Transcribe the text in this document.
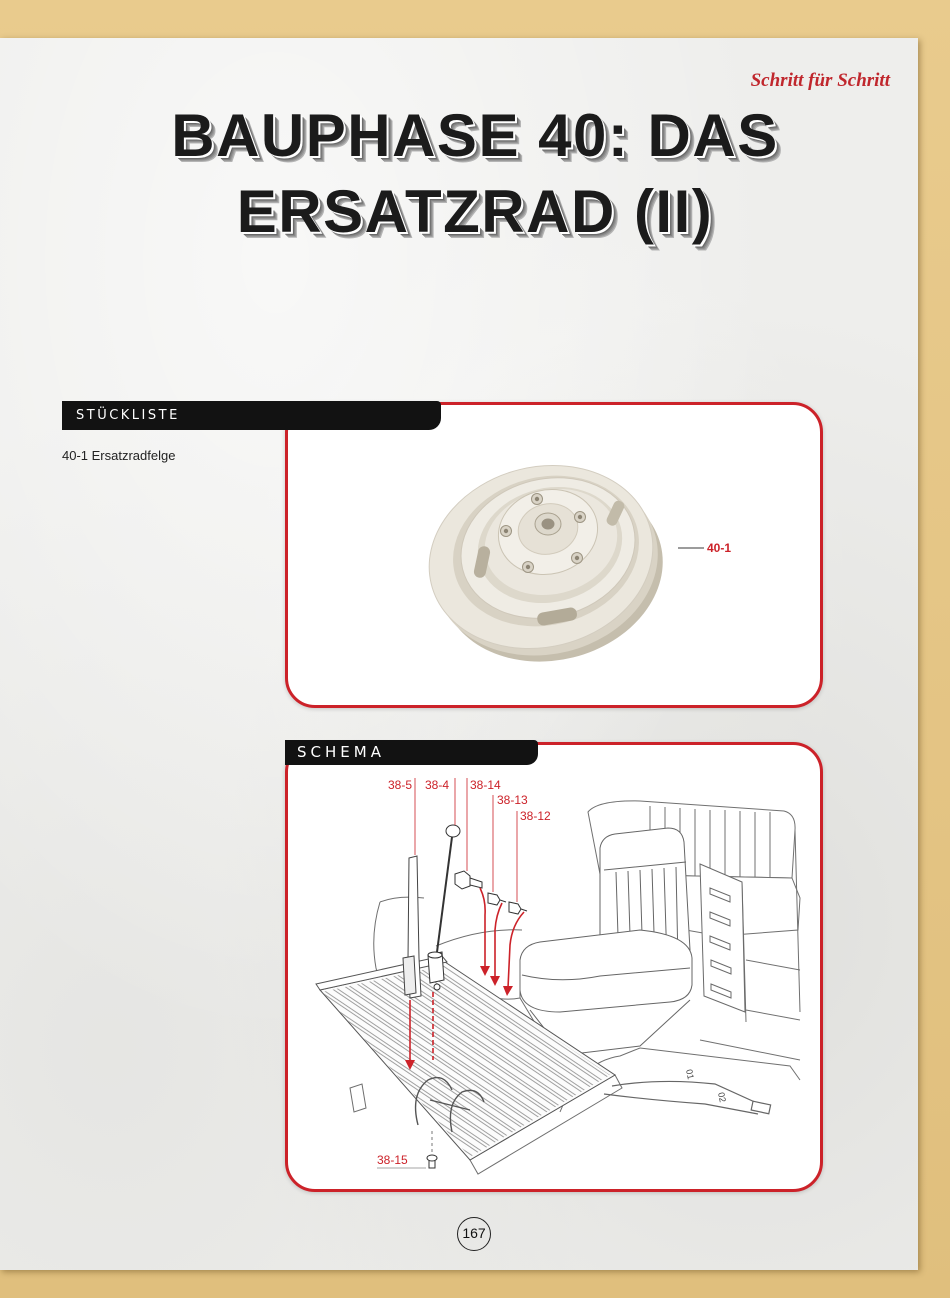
Schritt für Schritt

BAUPHASE 40: DAS
ERSATZRAD (II)
STÜCKLISTE
40-1 Ersatzradfelge
40-1
SCHEMA
01
02
38-5 38-4 38-14
38-13
38-12
38-15
167
